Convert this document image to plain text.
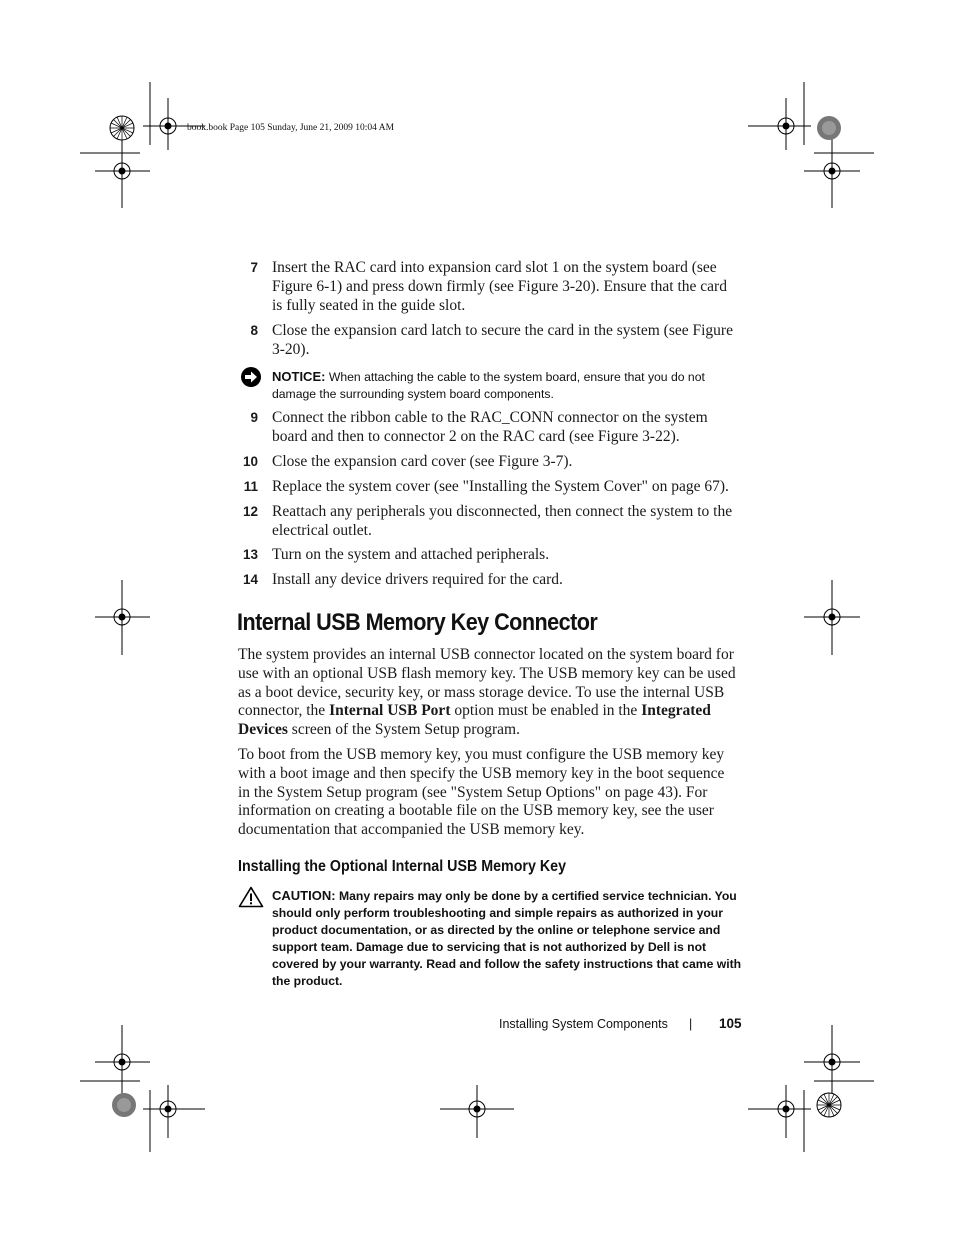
book.book Page 105 Sunday, June 21, 2009 10:04 AM
7 Insert the RAC card into expansion card slot 1 on the system board (see Figure 6-1) and press down firmly (see Figure 3-20). Ensure that the card is fully seated in the guide slot.
8 Close the expansion card latch to secure the card in the system (see Figure 3-20).
NOTICE: When attaching the cable to the system board, ensure that you do not damage the surrounding system board components.
9 Connect the ribbon cable to the RAC_CONN connector on the system board and then to connector 2 on the RAC card (see Figure 3-22).
10 Close the expansion card cover (see Figure 3-7).
11 Replace the system cover (see "Installing the System Cover" on page 67).
12 Reattach any peripherals you disconnected, then connect the system to the electrical outlet.
13 Turn on the system and attached peripherals.
14 Install any device drivers required for the card.
Internal USB Memory Key Connector
The system provides an internal USB connector located on the system board for use with an optional USB flash memory key. The USB memory key can be used as a boot device, security key, or mass storage device. To use the internal USB connector, the Internal USB Port option must be enabled in the Integrated Devices screen of the System Setup program.
To boot from the USB memory key, you must configure the USB memory key with a boot image and then specify the USB memory key in the boot sequence in the System Setup program (see "System Setup Options" on page 43). For information on creating a bootable file on the USB memory key, see the user documentation that accompanied the USB memory key.
Installing the Optional Internal USB Memory Key
CAUTION: Many repairs may only be done by a certified service technician. You should only perform troubleshooting and simple repairs as authorized in your product documentation, or as directed by the online or telephone service and support team. Damage due to servicing that is not authorized by Dell is not covered by your warranty. Read and follow the safety instructions that came with the product.
Installing System Components | 105
